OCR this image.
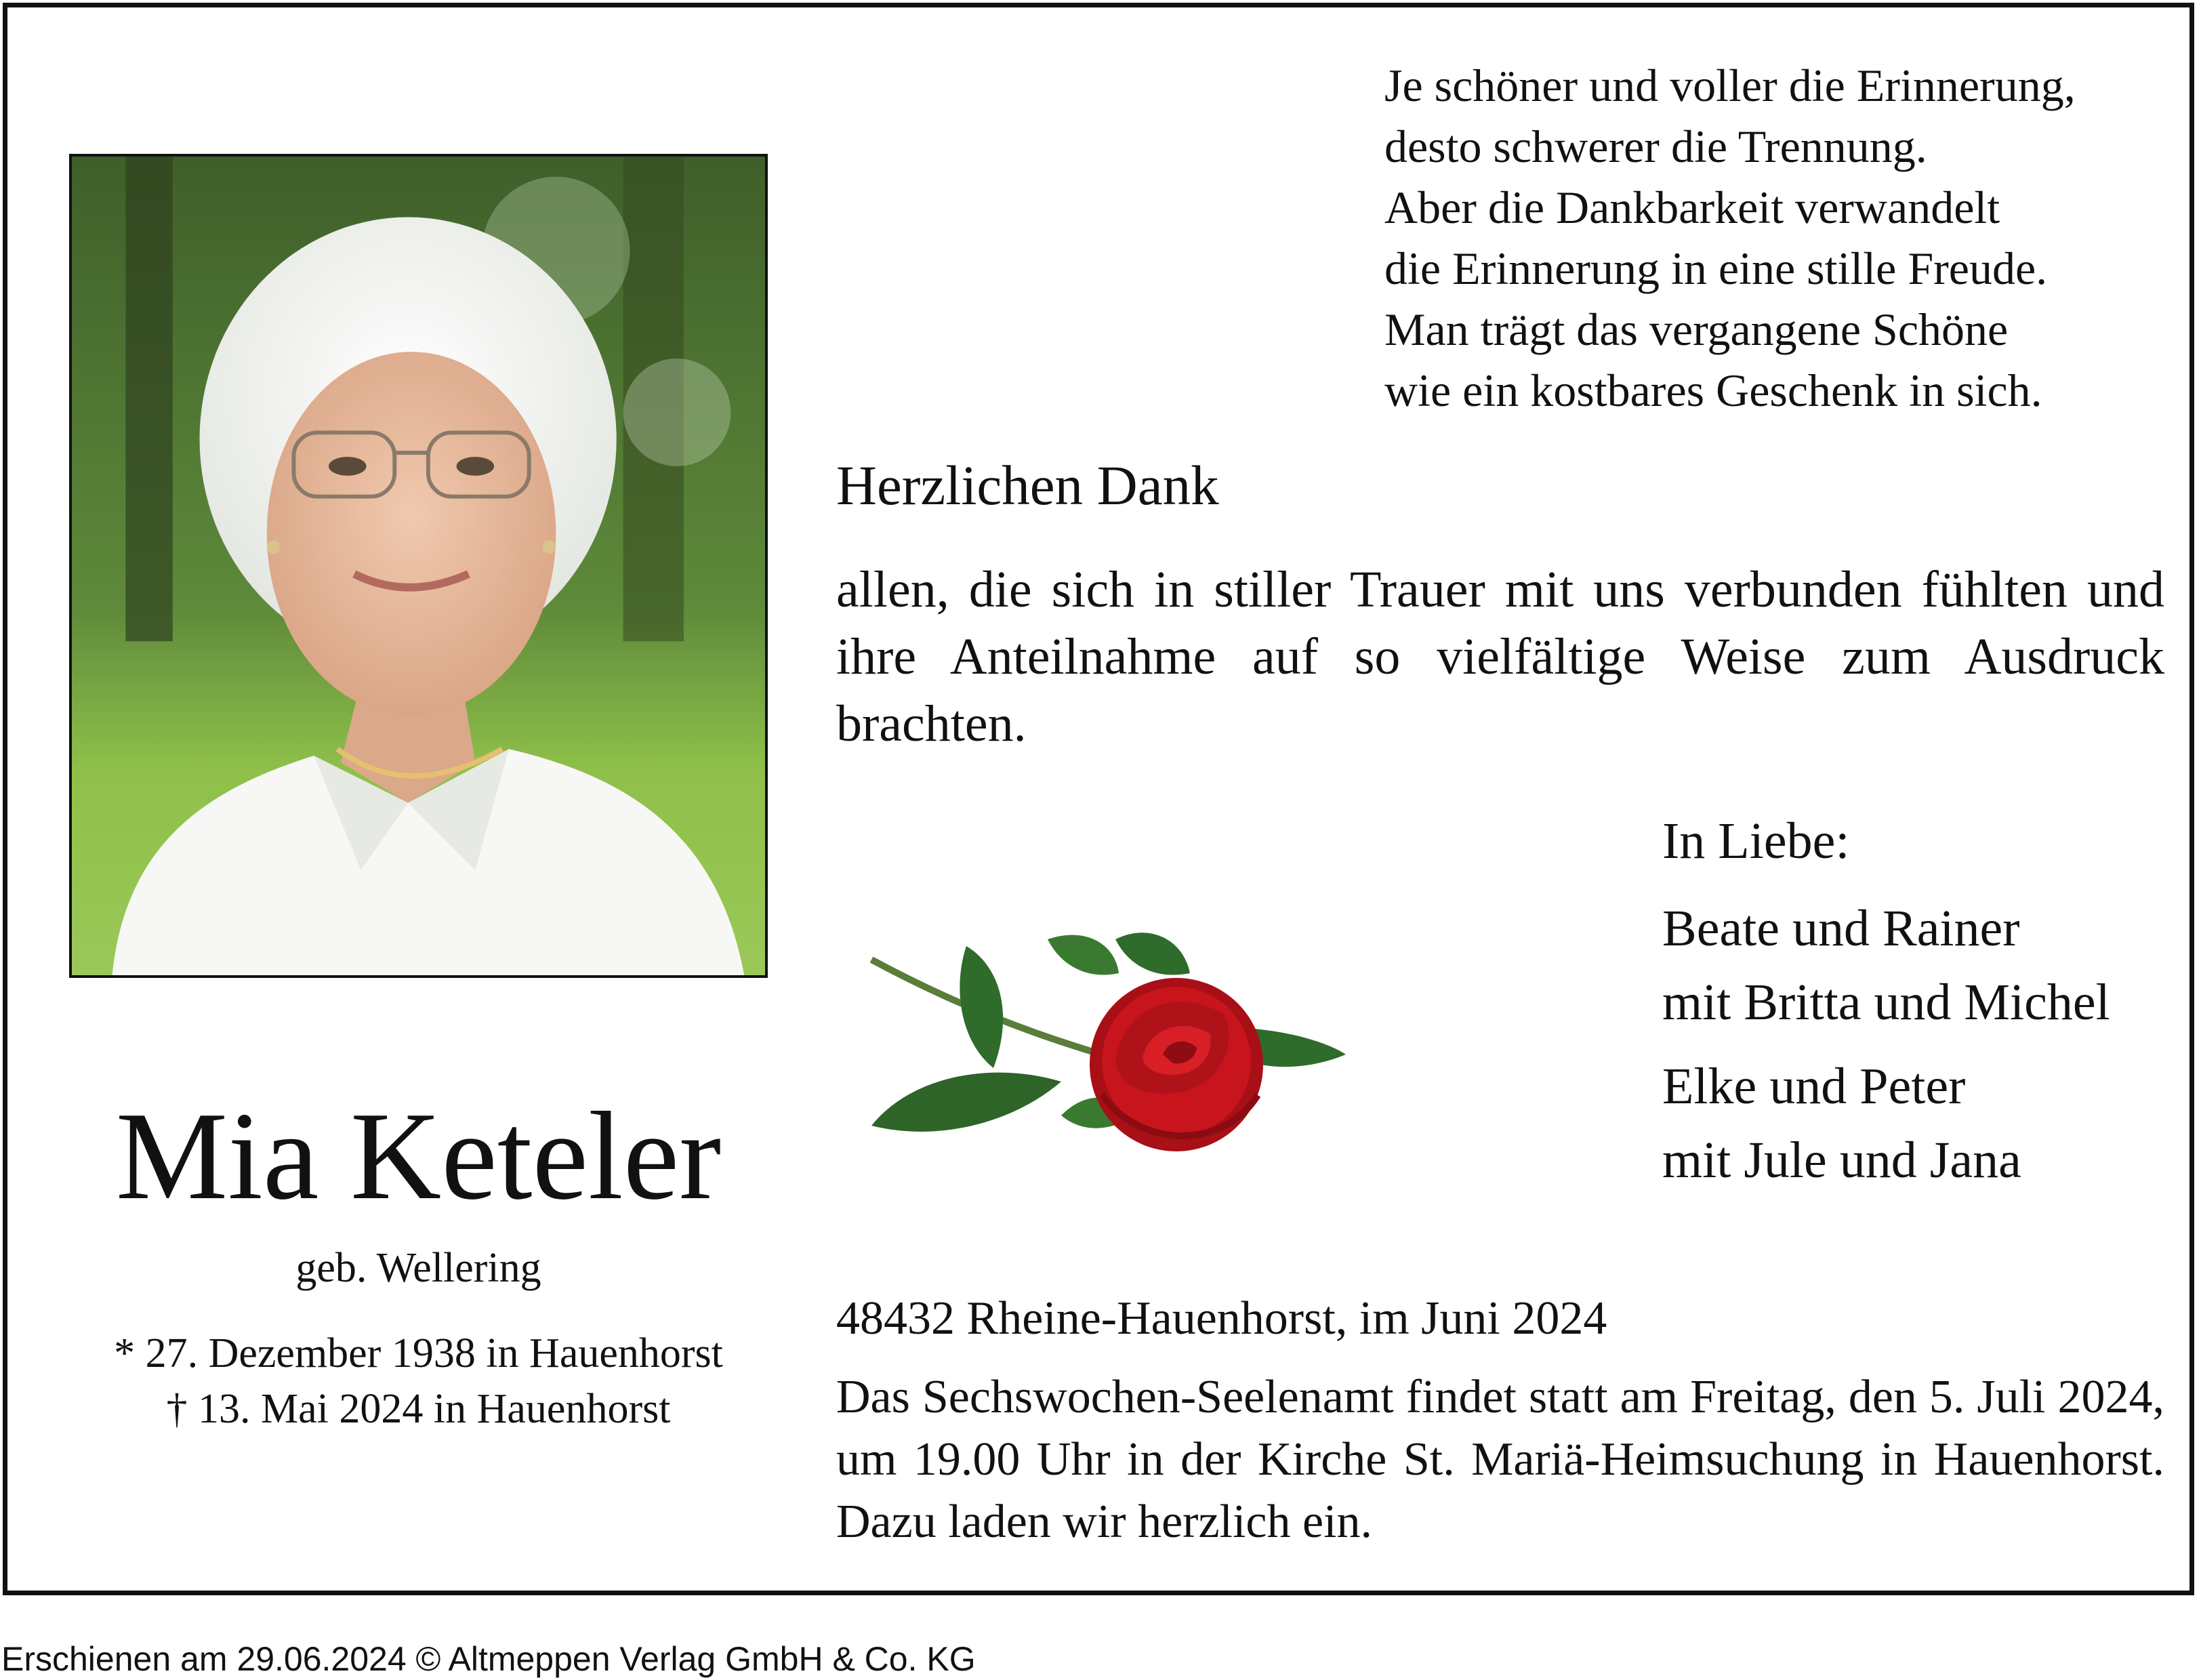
Je schöner und voller die Erinnerung,
desto schwerer die Trennung.
Aber die Dankbarkeit verwandelt
die Erinnerung in eine stille Freude.
Man trägt das vergangene Schöne
wie ein kostbares Geschenk in sich.
Herzlichen Dank
allen, die sich in stiller Trauer mit uns verbunden fühlten und ihre Anteilnahme auf so vielfältige Weise zum Ausdruck brachten.
In Liebe:
Beate und Rainer
mit Britta und Michel
Elke und Peter
mit Jule und Jana
Mia Keteler
geb. Wellering
* 27. Dezember 1938 in Hauenhorst
† 13. Mai 2024 in Hauenhorst
48432 Rheine-Hauenhorst, im Juni 2024
Das Sechswochen-Seelenamt findet statt am Freitag, den 5. Juli 2024, um 19.00 Uhr in der Kirche St. Mariä-Heimsuchung in Hauenhorst. Dazu laden wir herzlich ein.
Erschienen am 29.06.2024 © Altmeppen Verlag GmbH & Co. KG
